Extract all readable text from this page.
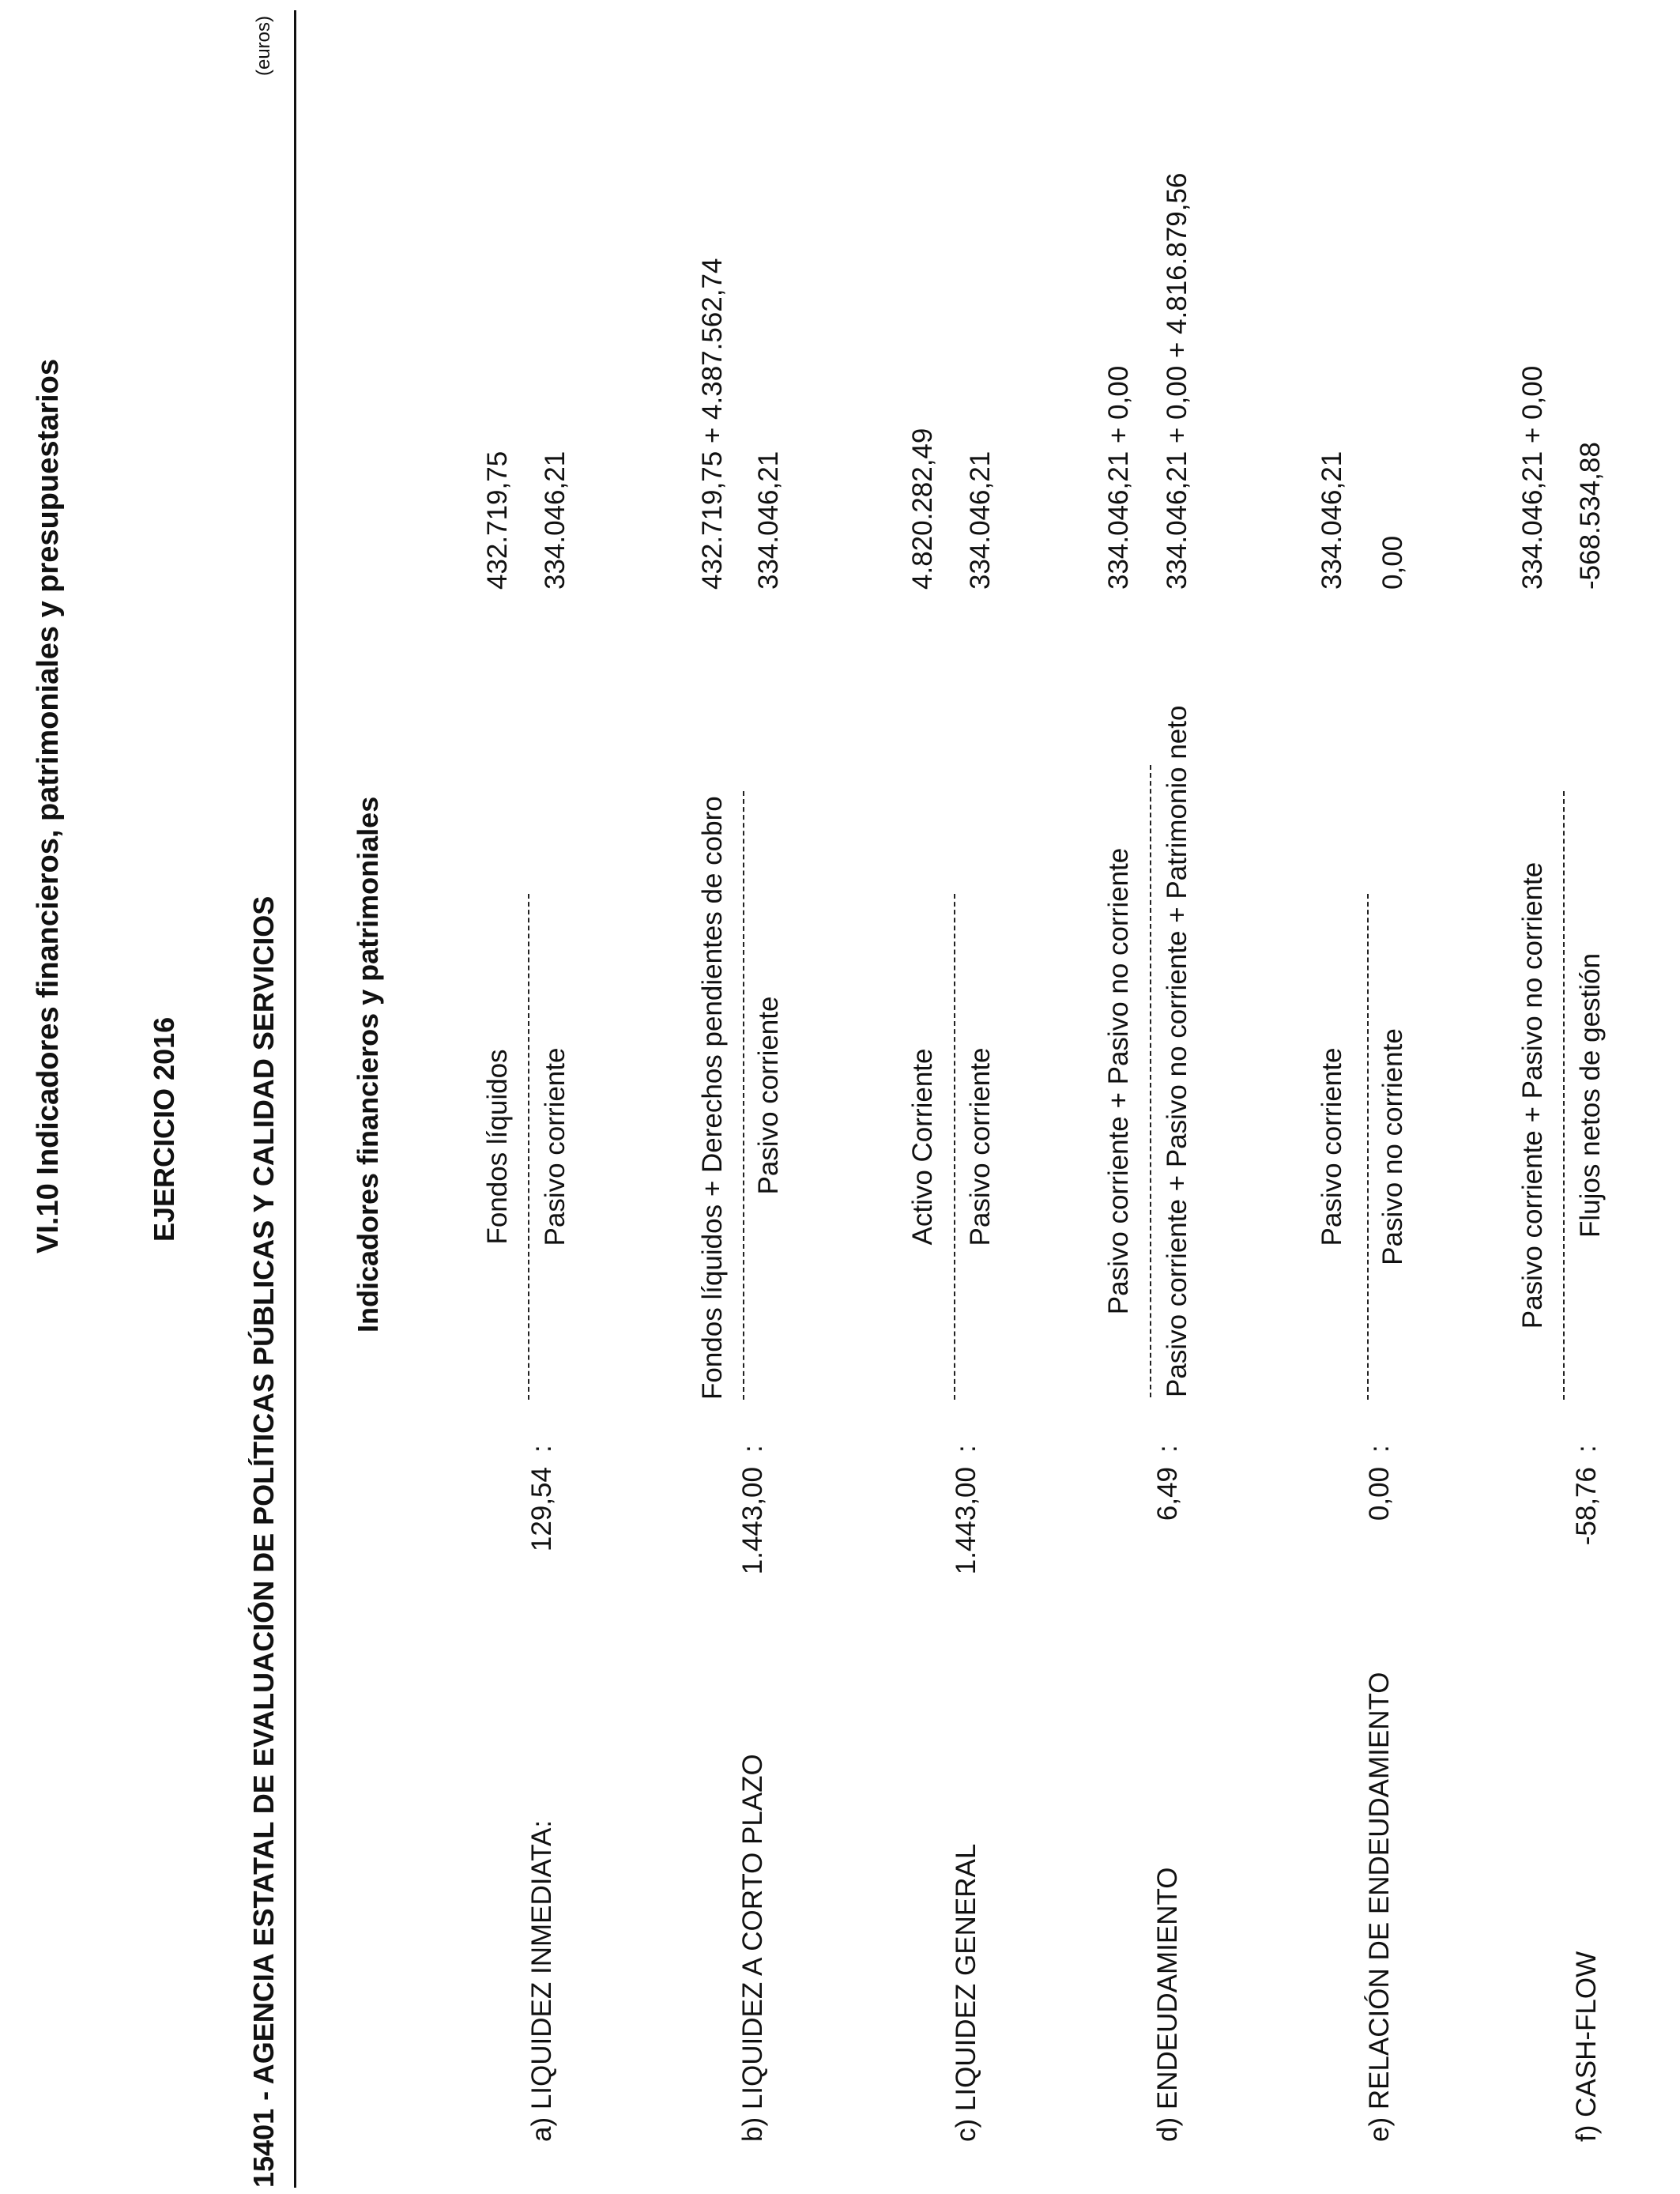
VI.10 Indicadores financieros, patrimoniales y presupuestarios	EJERCICIO 2016 15401 - AGENCIA ESTATAL DE EVALUACIÓN DE POLÍTICAS PÚBLICAS Y CALIDAD SERVICIOS
(euros)
Indicadores financieros y patrimoniales
a) LIQUIDEZ INMEDIATA:
129,54
:
Fondos líquidos Pasivo corriente
432.719,75 334.046,21
b) LIQUIDEZ A CORTO PLAZO
1.443,00
:
Fondos líquidos + Derechos pendientes de cobro Pasivo corriente
432.719,75 + 4.387.562,74 334.046,21
c) LIQUIDEZ GENERAL
1.443,00
:
Activo Corriente Pasivo corriente
4.820.282,49 334.046,21
d) ENDEUDAMIENTO
6,49
:
Pasivo corriente + Pasivo no corriente Pasivo corriente + Pasivo no corriente + Patrimonio neto
334.046,21 + 0,00 334.046,21 + 0,00 + 4.816.879,56
e) RELACIÓN DE ENDEUDAMIENTO
0,00
:
Pasivo corriente Pasivo no corriente
334.046,21 0,00
f) CASH-FLOW
-58,76
:
Pasivo corriente + Pasivo no corriente Flujos netos de gestión
334.046,21 + 0,00 -568.534,88
